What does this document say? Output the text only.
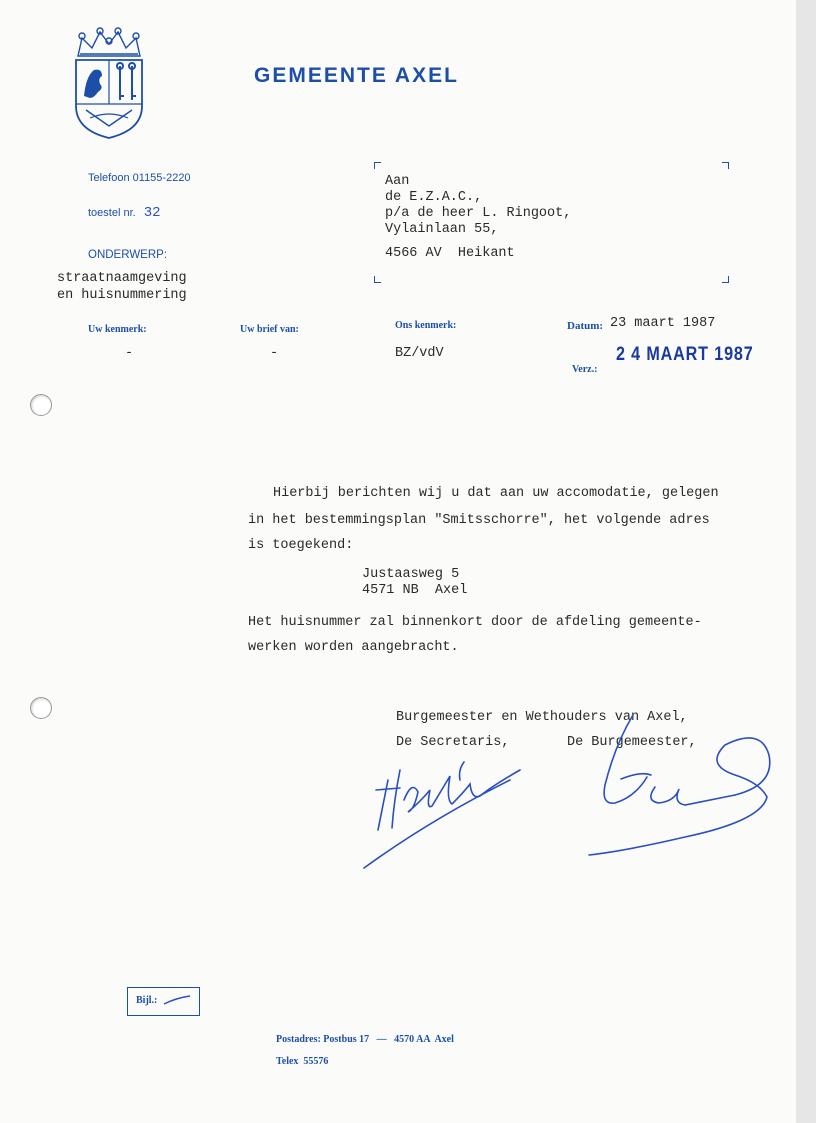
GEMEENTE AXEL
Telefoon 01155-2220
toestel nr. 32
ONDERWERP:
straatnaamgeving
en huisnummering
Aan
de E.Z.A.C.,
p/a de heer L. Ringoot,
Vylainlaan 55,
4566 AV  Heikant
Uw kenmerk:
-
Uw brief van:
-
Ons kenmerk:
BZ/vdV
Datum: 23 maart 1987
2 4 MAART 1987
Verz.:
Hierbij berichten wij u dat aan uw accomodatie, gelegen
in het bestemmingsplan "Smitsschorre", het volgende adres
is toegekend:
Justaasweg 5
4571 NB  Axel
Het huisnummer zal binnenkort door de afdeling gemeente-
werken worden aangebracht.
Burgemeester en Wethouders van Axel,
De Secretaris,	De Burgemeester,
Bijl.:
Postadres: Postbus 17   —   4570 AA  Axel
Telex  55576
